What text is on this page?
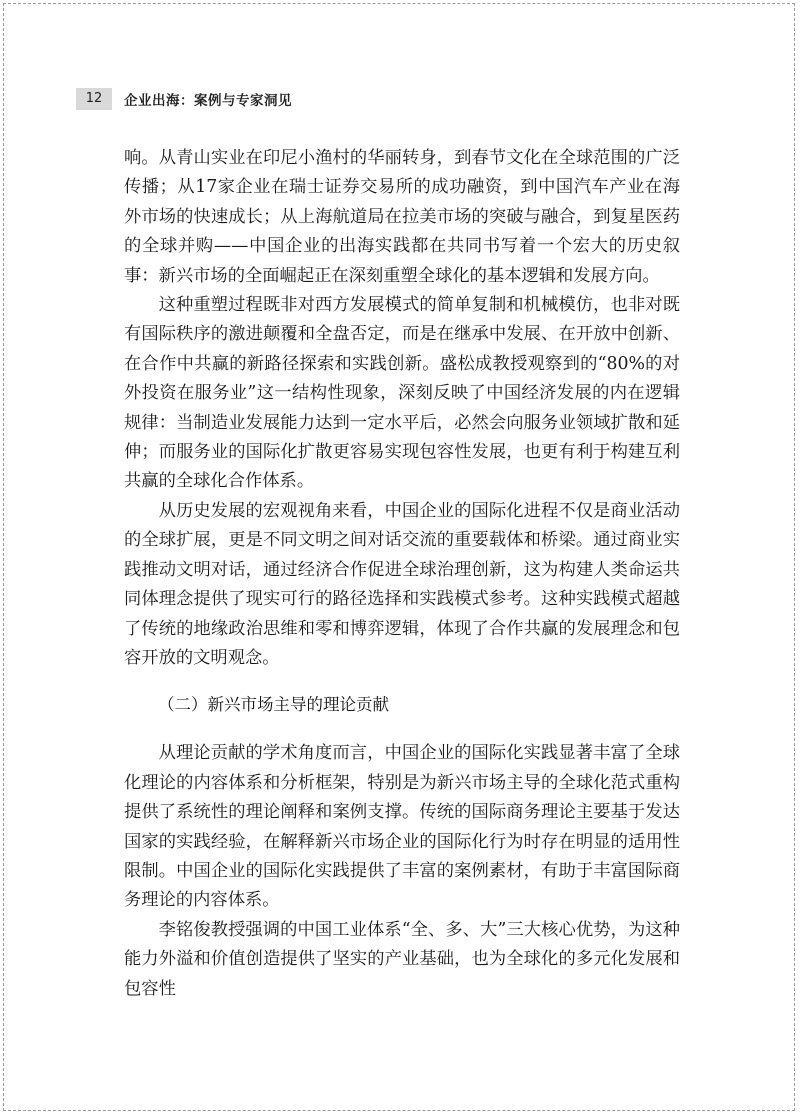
12	企业出海：案例与专家洞见

响。从青山实业在印尼小渔村的华丽转身，到春节文化在全球范围的广泛传播；从17家企业在瑞士证券交易所的成功融资，到中国汽车产业在海外市场的快速成长；从上海航道局在拉美市场的突破与融合，到复星医药的全球并购——中国企业的出海实践都在共同书写着一个宏大的历史叙事：新兴市场的全面崛起正在深刻重塑全球化的基本逻辑和发展方向。

这种重塑过程既非对西方发展模式的简单复制和机械模仿，也非对既有国际秩序的激进颠覆和全盘否定，而是在继承中发展、在开放中创新、在合作中共赢的新路径探索和实践创新。盛松成教授观察到的“80%的对外投资在服务业”这一结构性现象，深刻反映了中国经济发展的内在逻辑规律：当制造业发展能力达到一定水平后，必然会向服务业领域扩散和延伸；而服务业的国际化扩散更容易实现包容性发展，也更有利于构建互利共赢的全球化合作体系。

从历史发展的宏观视角来看，中国企业的国际化进程不仅是商业活动的全球扩展，更是不同文明之间对话交流的重要载体和桥梁。通过商业实践推动文明对话，通过经济合作促进全球治理创新，这为构建人类命运共同体理念提供了现实可行的路径选择和实践模式参考。这种实践模式超越了传统的地缘政治思维和零和博弈逻辑，体现了合作共赢的发展理念和包容开放的文明观念。

（二）新兴市场主导的理论贡献

从理论贡献的学术角度而言，中国企业的国际化实践显著丰富了全球化理论的内容体系和分析框架，特别是为新兴市场主导的全球化范式重构提供了系统性的理论阐释和案例支撑。传统的国际商务理论主要基于发达国家的实践经验，在解释新兴市场企业的国际化行为时存在明显的适用性限制。中国企业的国际化实践提供了丰富的案例素材，有助于丰富国际商务理论的内容体系。

李铭俊教授强调的中国工业体系“全、多、大”三大核心优势，为这种能力外溢和价值创造提供了坚实的产业基础，也为全球化的多元化发展和包容性
